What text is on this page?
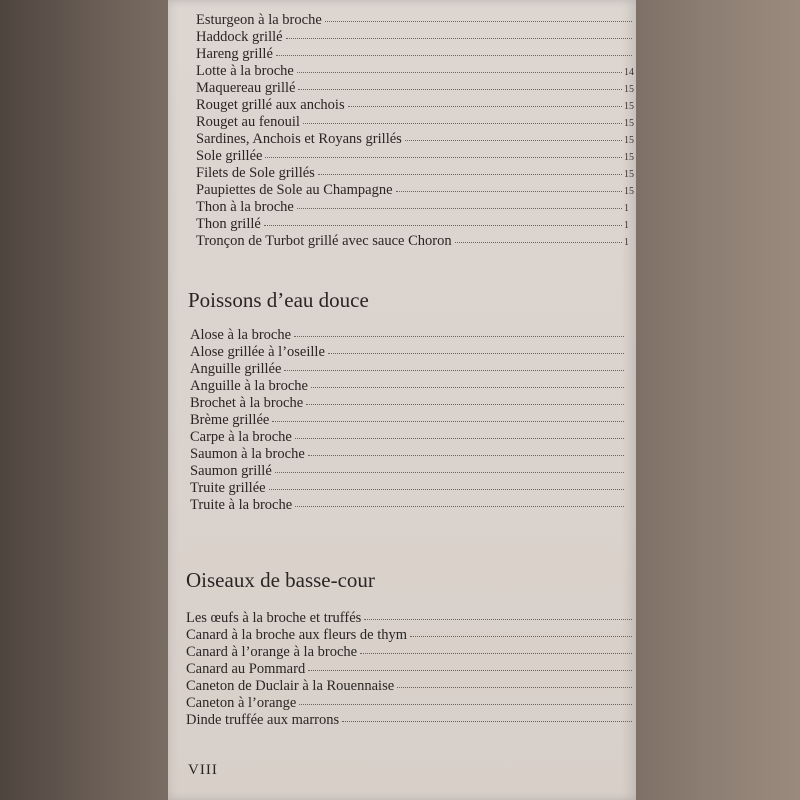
Esturgeon à la broche
Haddock grillé
Hareng grillé
Lotte à la broche	14
Maquereau grillé	15
Rouget grillé aux anchois	15
Rouget au fenouil	15
Sardines, Anchois et Royans grillés	15
Sole grillée	15
Filets de Sole grillés	15
Paupiettes de Sole au Champagne	15
Thon à la broche	1
Thon grillé	1
Tronçon de Turbot grillé avec sauce Choron	1
Poissons d’eau douce
Alose à la broche
Alose grillée à l’oseille
Anguille grillée
Anguille à la broche
Brochet à la broche
Brème grillée
Carpe à la broche
Saumon à la broche
Saumon grillé
Truite grillée
Truite à la broche
Oiseaux de basse-cour
Les œufs à la broche et truffés
Canard à la broche aux fleurs de thym
Canard à l’orange à la broche
Canard au Pommard
Caneton de Duclair à la Rouennaise
Caneton à l’orange
Dinde truffée aux marrons
VIII
